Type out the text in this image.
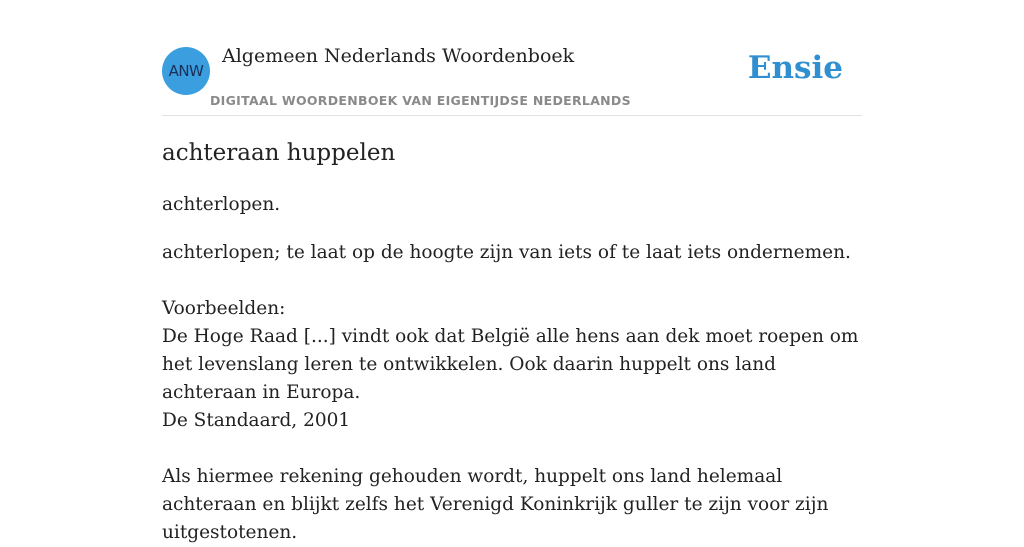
ANW
Algemeen Nederlands Woordenboek
DIGITAAL WOORDENBOEK VAN EIGENTIJDSE NEDERLANDS
Ensie
achteraan huppelen

achterlopen.

achterlopen; te laat op de hoogte zijn van iets of te laat iets ondernemen.

Voorbeelden:

De Hoge Raad [...] vindt ook dat België alle hens aan dek moet roepen om het levenslang leren te ontwikkelen. Ook daarin huppelt ons land achteraan in Europa.

De Standaard, 2001

Als hiermee rekening gehouden wordt, huppelt ons land helemaal achteraan en blijkt zelfs het Verenigd Koninkrijk guller te zijn voor zijn uitgestotenen.
